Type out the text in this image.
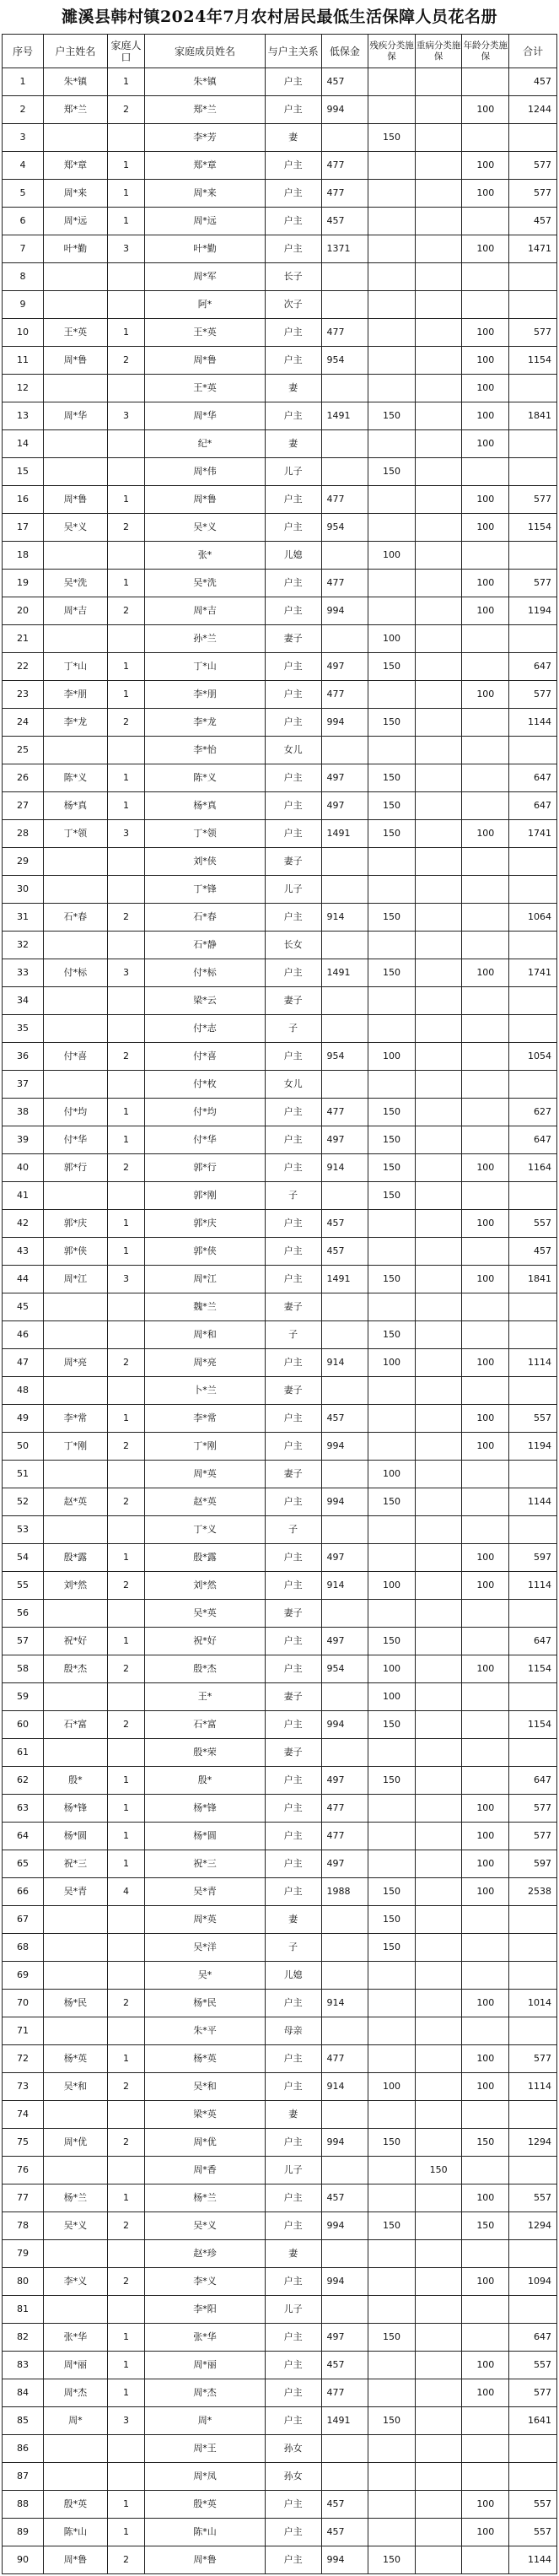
濉溪县韩村镇2024年7月农村居民最低生活保障人员花名册
序号	户主姓名	家庭人口	家庭成员姓名	与户主关系	低保金	残疾分类施保	重病分类施保	年龄分类施保	合计
1	朱*镇	1	朱*镇	户主	457				457
2	郑*兰	2	郑*兰	户主	994			100	1244
3			李*芳	妻		150			
4	郑*章	1	郑*章	户主	477			100	577
5	周*来	1	周*来	户主	477			100	577
6	周*远	1	周*远	户主	457				457
7	叶*勤	3	叶*勤	户主	1371			100	1471
8			周*军	长子					
9			阿*	次子					
10	王*英	1	王*英	户主	477			100	577
11	周*鲁	2	周*鲁	户主	954			100	1154
12			王*英	妻				100	
13	周*华	3	周*华	户主	1491	150		100	1841
14			纪*	妻				100	
15			周*伟	儿子		150			
16	周*鲁	1	周*鲁	户主	477			100	577
17	吴*义	2	吴*义	户主	954			100	1154
18			张*	儿媳		100			
19	吴*洗	1	吴*洗	户主	477			100	577
20	周*吉	2	周*吉	户主	994			100	1194
21			孙*兰	妻子		100			
22	丁*山	1	丁*山	户主	497	150			647
23	李*朋	1	李*朋	户主	477			100	577
24	李*龙	2	李*龙	户主	994	150			1144
25			李*怡	女儿					
26	陈*义	1	陈*义	户主	497	150			647
27	杨*真	1	杨*真	户主	497	150			647
28	丁*领	3	丁*领	户主	1491	150		100	1741
29			刘*侠	妻子					
30			丁*锋	儿子					
31	石*春	2	石*春	户主	914	150			1064
32			石*静	长女					
33	付*标	3	付*标	户主	1491	150		100	1741
34			梁*云	妻子					
35			付*志	子					
36	付*喜	2	付*喜	户主	954	100			1054
37			付*枚	女儿					
38	付*均	1	付*均	户主	477	150			627
39	付*华	1	付*华	户主	497	150			647
40	郭*行	2	郭*行	户主	914	150		100	1164
41			郭*刚	子		150			
42	郭*庆	1	郭*庆	户主	457			100	557
43	郭*侠	1	郭*侠	户主	457				457
44	周*江	3	周*江	户主	1491	150		100	1841
45			魏*兰	妻子					
46			周*和	子		150			
47	周*亮	2	周*亮	户主	914	100		100	1114
48			卜*兰	妻子					
49	李*常	1	李*常	户主	457			100	557
50	丁*刚	2	丁*刚	户主	994			100	1194
51			周*英	妻子		100			
52	赵*英	2	赵*英	户主	994	150			1144
53			丁*义	子					
54	殷*露	1	殷*露	户主	497			100	597
55	刘*然	2	刘*然	户主	914	100		100	1114
56			吴*英	妻子					
57	祝*好	1	祝*好	户主	497	150			647
58	殷*杰	2	殷*杰	户主	954	100		100	1154
59			王*	妻子		100			
60	石*富	2	石*富	户主	994	150			1154
61			殷*荣	妻子					
62	殷*	1	殷*	户主	497	150			647
63	杨*锋	1	杨*锋	户主	477			100	577
64	杨*圆	1	杨*圆	户主	477			100	577
65	祝*三	1	祝*三	户主	497			100	597
66	吴*青	4	吴*青	户主	1988	150		100	2538
67			周*英	妻		150			
68			吴*洋	子		150			
69			吴*	儿媳					
70	杨*民	2	杨*民	户主	914			100	1014
71			朱*平	母亲					
72	杨*英	1	杨*英	户主	477			100	577
73	吴*和	2	吴*和	户主	914	100		100	1114
74			梁*英	妻					
75	周*优	2	周*优	户主	994	150		150	1294
76			周*香	儿子			150		
77	杨*兰	1	杨*兰	户主	457			100	557
78	吴*义	2	吴*义	户主	994	150		150	1294
79			赵*珍	妻					
80	李*义	2	李*义	户主	994			100	1094
81			李*阳	儿子					
82	张*华	1	张*华	户主	497	150			647
83	周*丽	1	周*丽	户主	457			100	557
84	周*杰	1	周*杰	户主	477			100	577
85	周*	3	周*	户主	1491	150			1641
86			周*王	孙女					
87			周*凤	孙女					
88	殷*英	1	殷*英	户主	457			100	557
89	陈*山	1	陈*山	户主	457			100	557
90	周*鲁	2	周*鲁	户主	994	150			1144
